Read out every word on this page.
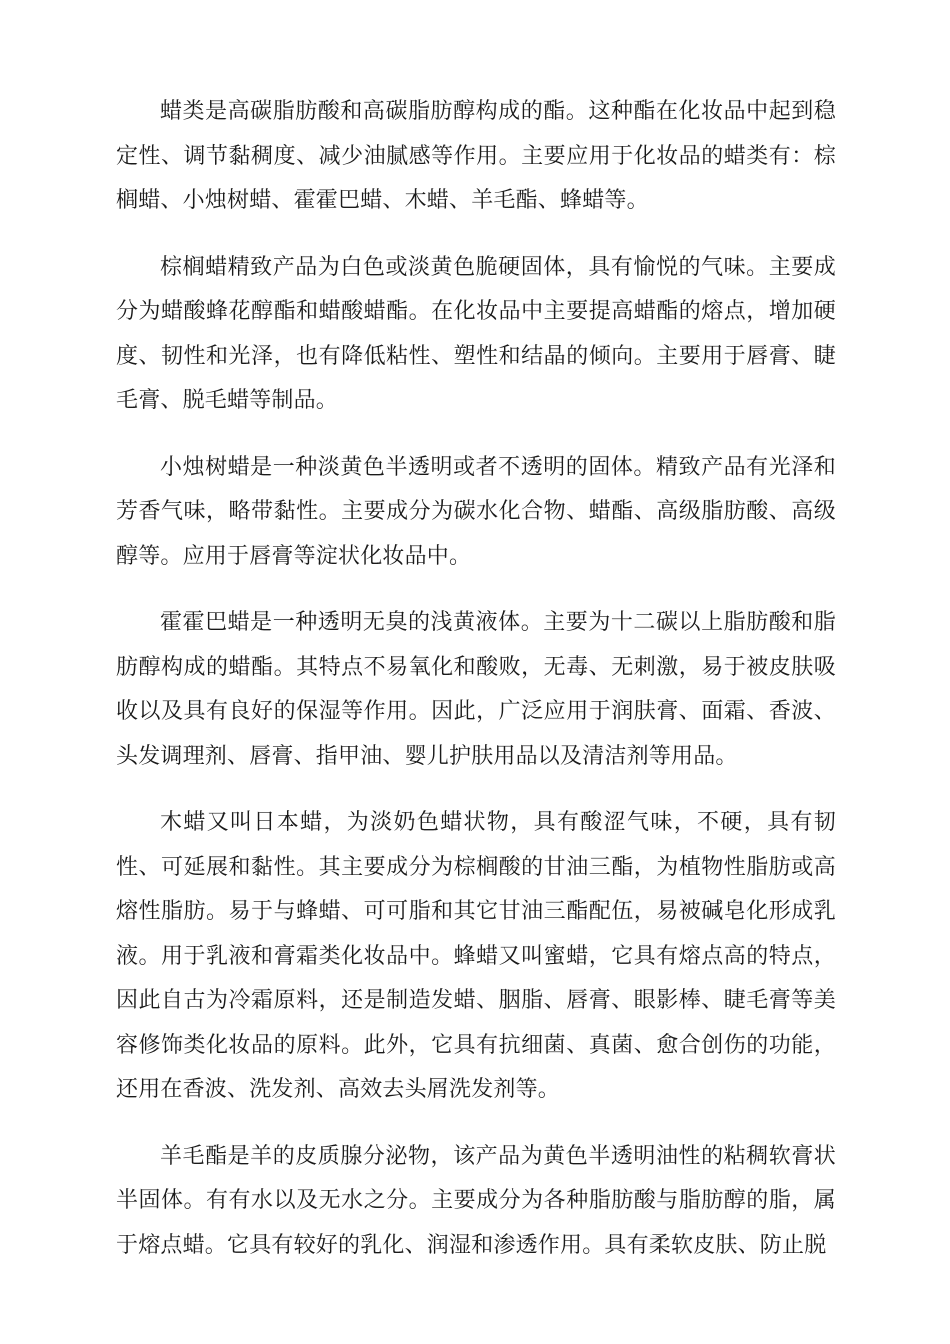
蜡类是高碳脂肪酸和高碳脂肪醇构成的酯。这种酯在化妆品中起到稳定性、调节黏稠度、减少油腻感等作用。主要应用于化妆品的蜡类有：棕榈蜡、小烛树蜡、霍霍巴蜡、木蜡、羊毛酯、蜂蜡等。

棕榈蜡精致产品为白色或淡黄色脆硬固体，具有愉悦的气味。主要成分为蜡酸蜂花醇酯和蜡酸蜡酯。在化妆品中主要提高蜡酯的熔点，增加硬度、韧性和光泽，也有降低粘性、塑性和结晶的倾向。主要用于唇膏、睫毛膏、脱毛蜡等制品。

小烛树蜡是一种淡黄色半透明或者不透明的固体。精致产品有光泽和芳香气味，略带黏性。主要成分为碳水化合物、蜡酯、高级脂肪酸、高级醇等。应用于唇膏等淀状化妆品中。

霍霍巴蜡是一种透明无臭的浅黄液体。主要为十二碳以上脂肪酸和脂肪醇构成的蜡酯。其特点不易氧化和酸败，无毒、无刺激，易于被皮肤吸收以及具有良好的保湿等作用。因此，广泛应用于润肤膏、面霜、香波、头发调理剂、唇膏、指甲油、婴儿护肤用品以及清洁剂等用品。

木蜡又叫日本蜡，为淡奶色蜡状物，具有酸涩气味，不硬，具有韧性、可延展和黏性。其主要成分为棕榈酸的甘油三酯，为植物性脂肪或高熔性脂肪。易于与蜂蜡、可可脂和其它甘油三酯配伍，易被碱皂化形成乳液。用于乳液和膏霜类化妆品中。蜂蜡又叫蜜蜡，它具有熔点高的特点，因此自古为冷霜原料，还是制造发蜡、胭脂、唇膏、眼影棒、睫毛膏等美容修饰类化妆品的原料。此外，它具有抗细菌、真菌、愈合创伤的功能，还用在香波、洗发剂、高效去头屑洗发剂等。

羊毛酯是羊的皮质腺分泌物，该产品为黄色半透明油性的粘稠软膏状半固体。有有水以及无水之分。主要成分为各种脂肪酸与脂肪醇的脂，属于熔点蜡。它具有较好的乳化、润湿和渗透作用。具有柔软皮肤、防止脱
